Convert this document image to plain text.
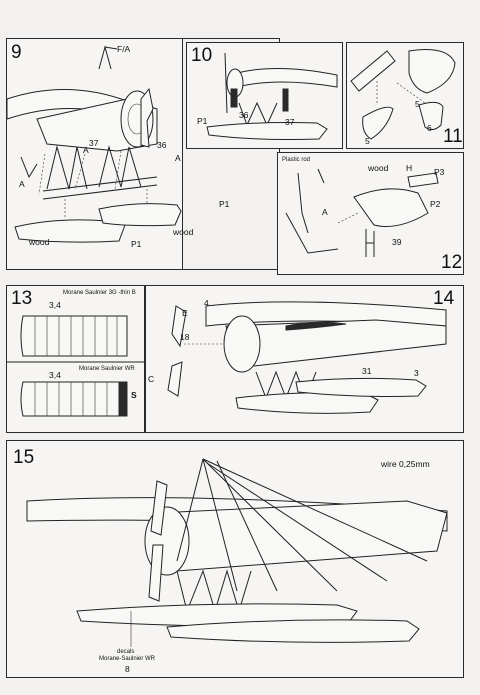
9	F/A
A
A
A
37	36
P1
P1
wood
wood
10
P1
36
37
11
5
5
6
12
Plastic rod
wood H	P3
P2
A
39
13	Morane Saulnier 3G -thin B
3,4
Morane Saulnier WR
3,4
S
14
4
E
18
C
31	3
15	wire 0,25mm
decals
Morane-Saulnier WR
8
